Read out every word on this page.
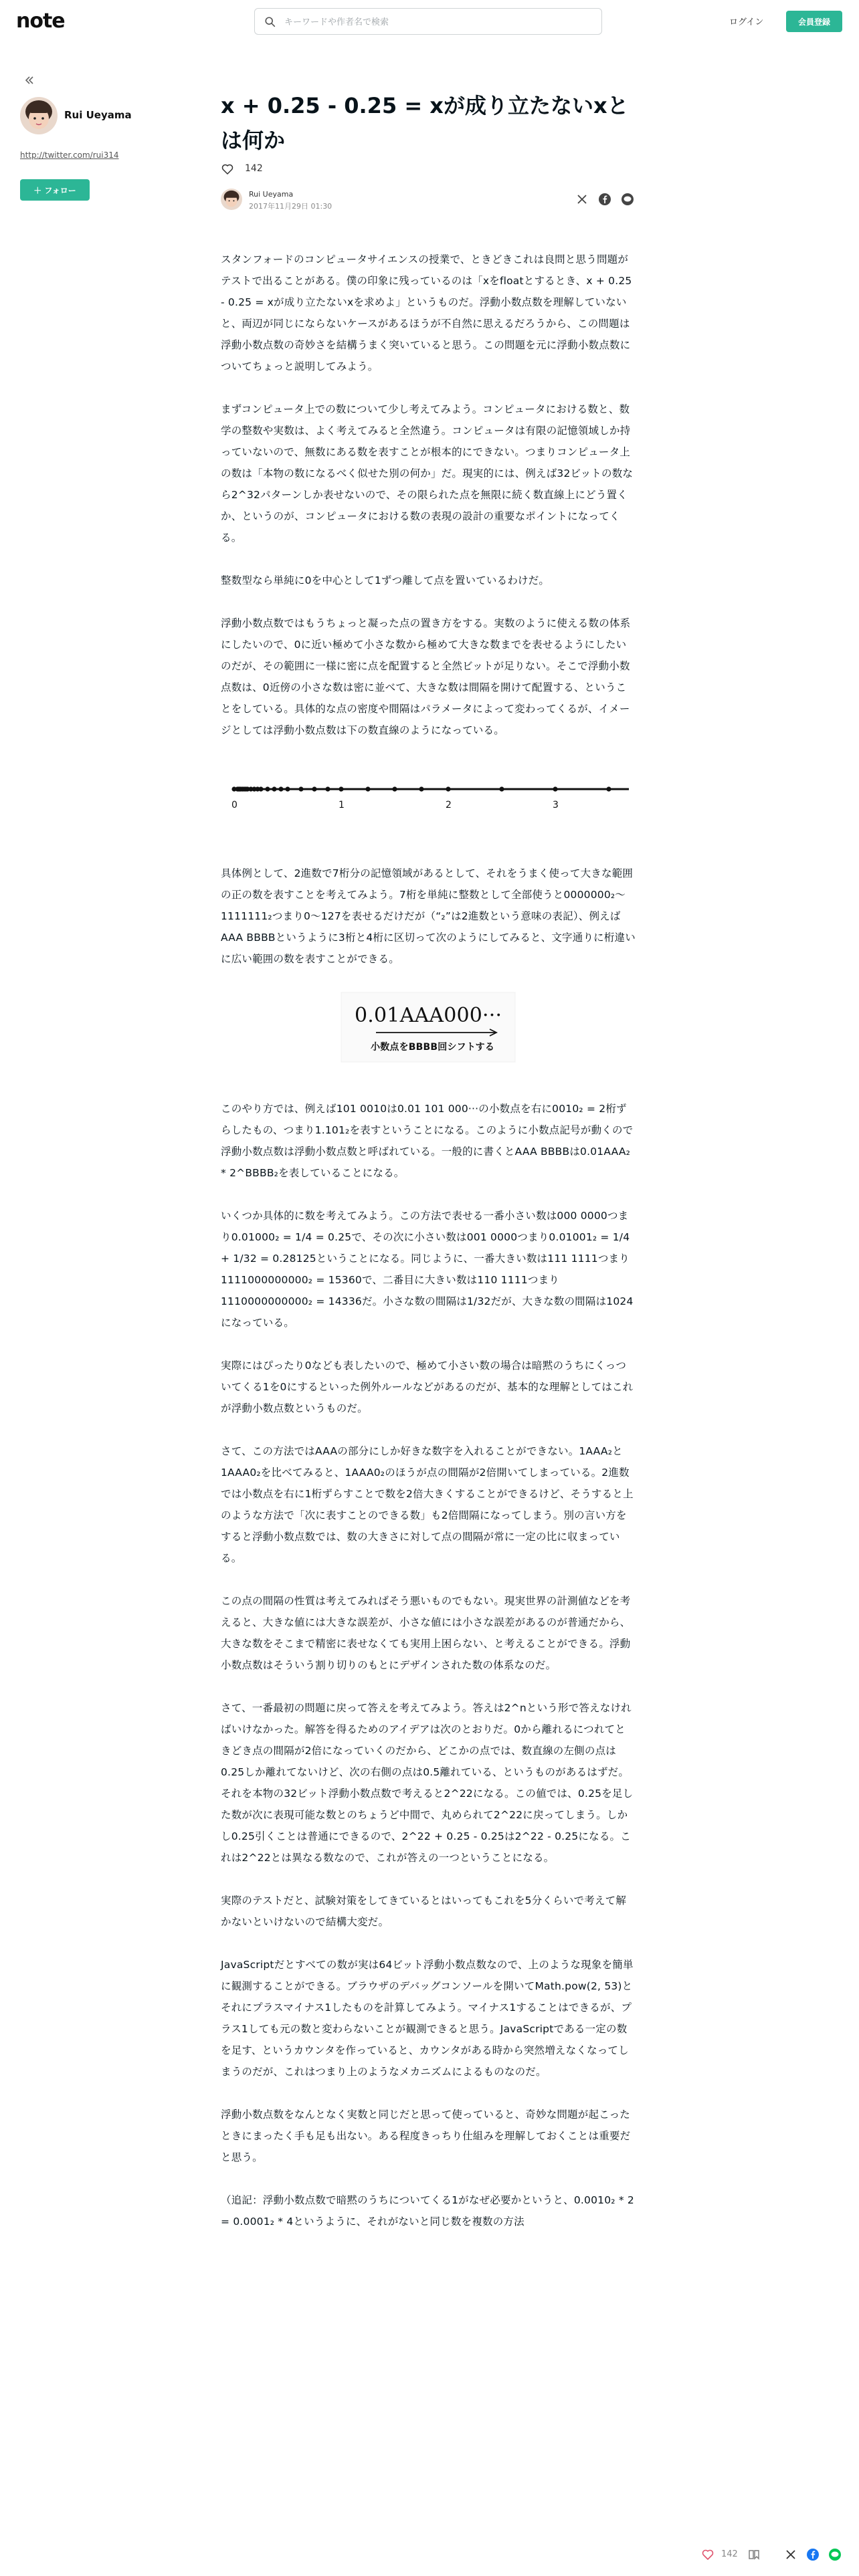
note
キーワードや作者名で検索	ログイン	会員登録
Rui Ueyama
http://twitter.com/rui314
＋ フォロー
x + 0.25 - 0.25 = xが成り立たないxとは何か
142
Rui Ueyama
2017年11月29日 01:30

スタンフォードのコンピュータサイエンスの授業で、ときどきこれは良問と思う問題がテストで出ることがある。僕の印象に残っているのは「xをfloatとするとき、x + 0.25 - 0.25 = xが成り立たないxを求めよ」というものだ。浮動小数点数を理解していないと、両辺が同じにならないケースがあるほうが不自然に思えるだろうから、この問題は浮動小数点数の奇妙さを結構うまく突いていると思う。この問題を元に浮動小数点数についてちょっと説明してみよう。

まずコンピュータ上での数について少し考えてみよう。コンピュータにおける数と、数学の整数や実数は、よく考えてみると全然違う。コンピュータは有限の記憶領域しか持っていないので、無数にある数を表すことが根本的にできない。つまりコンピュータ上の数は「本物の数になるべく似せた別の何か」だ。現実的には、例えば32ビットの数なら2^32パターンしか表せないので、その限られた点を無限に続く数直線上にどう置くか、というのが、コンピュータにおける数の表現の設計の重要なポイントになってくる。

整数型なら単純に0を中心として1ずつ離して点を置いているわけだ。

浮動小数点数ではもうちょっと凝った点の置き方をする。実数のように使える数の体系にしたいので、0に近い極めて小さな数から極めて大きな数までを表せるようにしたいのだが、その範囲に一様に密に点を配置すると全然ビットが足りない。そこで浮動小数点数は、0近傍の小さな数は密に並べて、大きな数は間隔を開けて配置する、ということをしている。具体的な点の密度や間隔はパラメータによって変わってくるが、イメージとしては浮動小数点数は下の数直線のようになっている。

0	1	2	3

具体例として、2進数で7桁分の記憶領域があるとして、それをうまく使って大きな範囲の正の数を表すことを考えてみよう。7桁を単純に整数として全部使うと0000000₂〜1111111₂つまり0〜127を表せるだけだが（“₂”は2進数という意味の表記）、例えばAAA BBBBというように3桁と4桁に区切って次のようにしてみると、文字通りに桁違いに広い範囲の数を表すことができる。

0.01AAA000···
小数点をBBBB回シフトする

このやり方では、例えば101 0010は0.01 101 000···の小数点を右に0010₂ = 2桁ずらしたもの、つまり1.101₂を表すということになる。このように小数点記号が動くので浮動小数点数は浮動小数点数と呼ばれている。一般的に書くとAAA BBBBは0.01AAA₂ * 2^BBBB₂を表していることになる。

いくつか具体的に数を考えてみよう。この方法で表せる一番小さい数は000 0000つまり0.01000₂ = 1/4 = 0.25で、その次に小さい数は001 0000つまり0.01001₂ = 1/4 + 1/32 = 0.28125ということになる。同じように、一番大きい数は111 1111つまり1111000000000₂ = 15360で、二番目に大きい数は110 1111つまり1110000000000₂ = 14336だ。小さな数の間隔は1/32だが、大きな数の間隔は1024になっている。

実際にはぴったり0なども表したいので、極めて小さい数の場合は暗黙のうちにくっついてくる1を0にするといった例外ルールなどがあるのだが、基本的な理解としてはこれが浮動小数点数というものだ。

さて、この方法ではAAAの部分にしか好きな数字を入れることができない。1AAA₂と1AAA0₂を比べてみると、1AAA0₂のほうが点の間隔が2倍開いてしまっている。2進数では小数点を右に1桁ずらすことで数を2倍大きくすることができるけど、そうすると上のような方法で「次に表すことのできる数」も2倍間隔になってしまう。別の言い方をすると浮動小数点数では、数の大きさに対して点の間隔が常に一定の比に収まっている。

この点の間隔の性質は考えてみればそう悪いものでもない。現実世界の計測値などを考えると、大きな値には大きな誤差が、小さな値には小さな誤差があるのが普通だから、大きな数をそこまで精密に表せなくても実用上困らない、と考えることができる。浮動小数点数はそういう割り切りのもとにデザインされた数の体系なのだ。

さて、一番最初の問題に戻って答えを考えてみよう。答えは2^nという形で答えなければいけなかった。解答を得るためのアイデアは次のとおりだ。0から離れるにつれてときどき点の間隔が2倍になっていくのだから、どこかの点では、数直線の左側の点は0.25しか離れてないけど、次の右側の点は0.5離れている、というものがあるはずだ。それを本物の32ビット浮動小数点数で考えると2^22になる。この値では、0.25を足した数が次に表現可能な数とのちょうど中間で、丸められて2^22に戻ってしまう。しかし0.25引くことは普通にできるので、2^22 + 0.25 - 0.25は2^22 - 0.25になる。これは2^22とは異なる数なので、これが答えの一つということになる。

実際のテストだと、試験対策をしてきているとはいってもこれを5分くらいで考えて解かないといけないので結構大変だ。

JavaScriptだとすべての数が実は64ビット浮動小数点数なので、上のような現象を簡単に観測することができる。ブラウザのデバッグコンソールを開いてMath.pow(2, 53)とそれにプラスマイナス1したものを計算してみよう。マイナス1することはできるが、プラス1しても元の数と変わらないことが観測できると思う。JavaScriptである一定の数を足す、というカウンタを作っていると、カウンタがある時から突然増えなくなってしまうのだが、これはつまり上のようなメカニズムによるものなのだ。

浮動小数点数をなんとなく実数と同じだと思って使っていると、奇妙な問題が起こったときにまったく手も足も出ない。ある程度きっちり仕組みを理解しておくことは重要だと思う。

（追記：浮動小数点数で暗黙のうちについてくる1がなぜ必要かというと、0.0010₂ * 2 = 0.0001₂ * 4というように、それがないと同じ数を複数の方法

142
